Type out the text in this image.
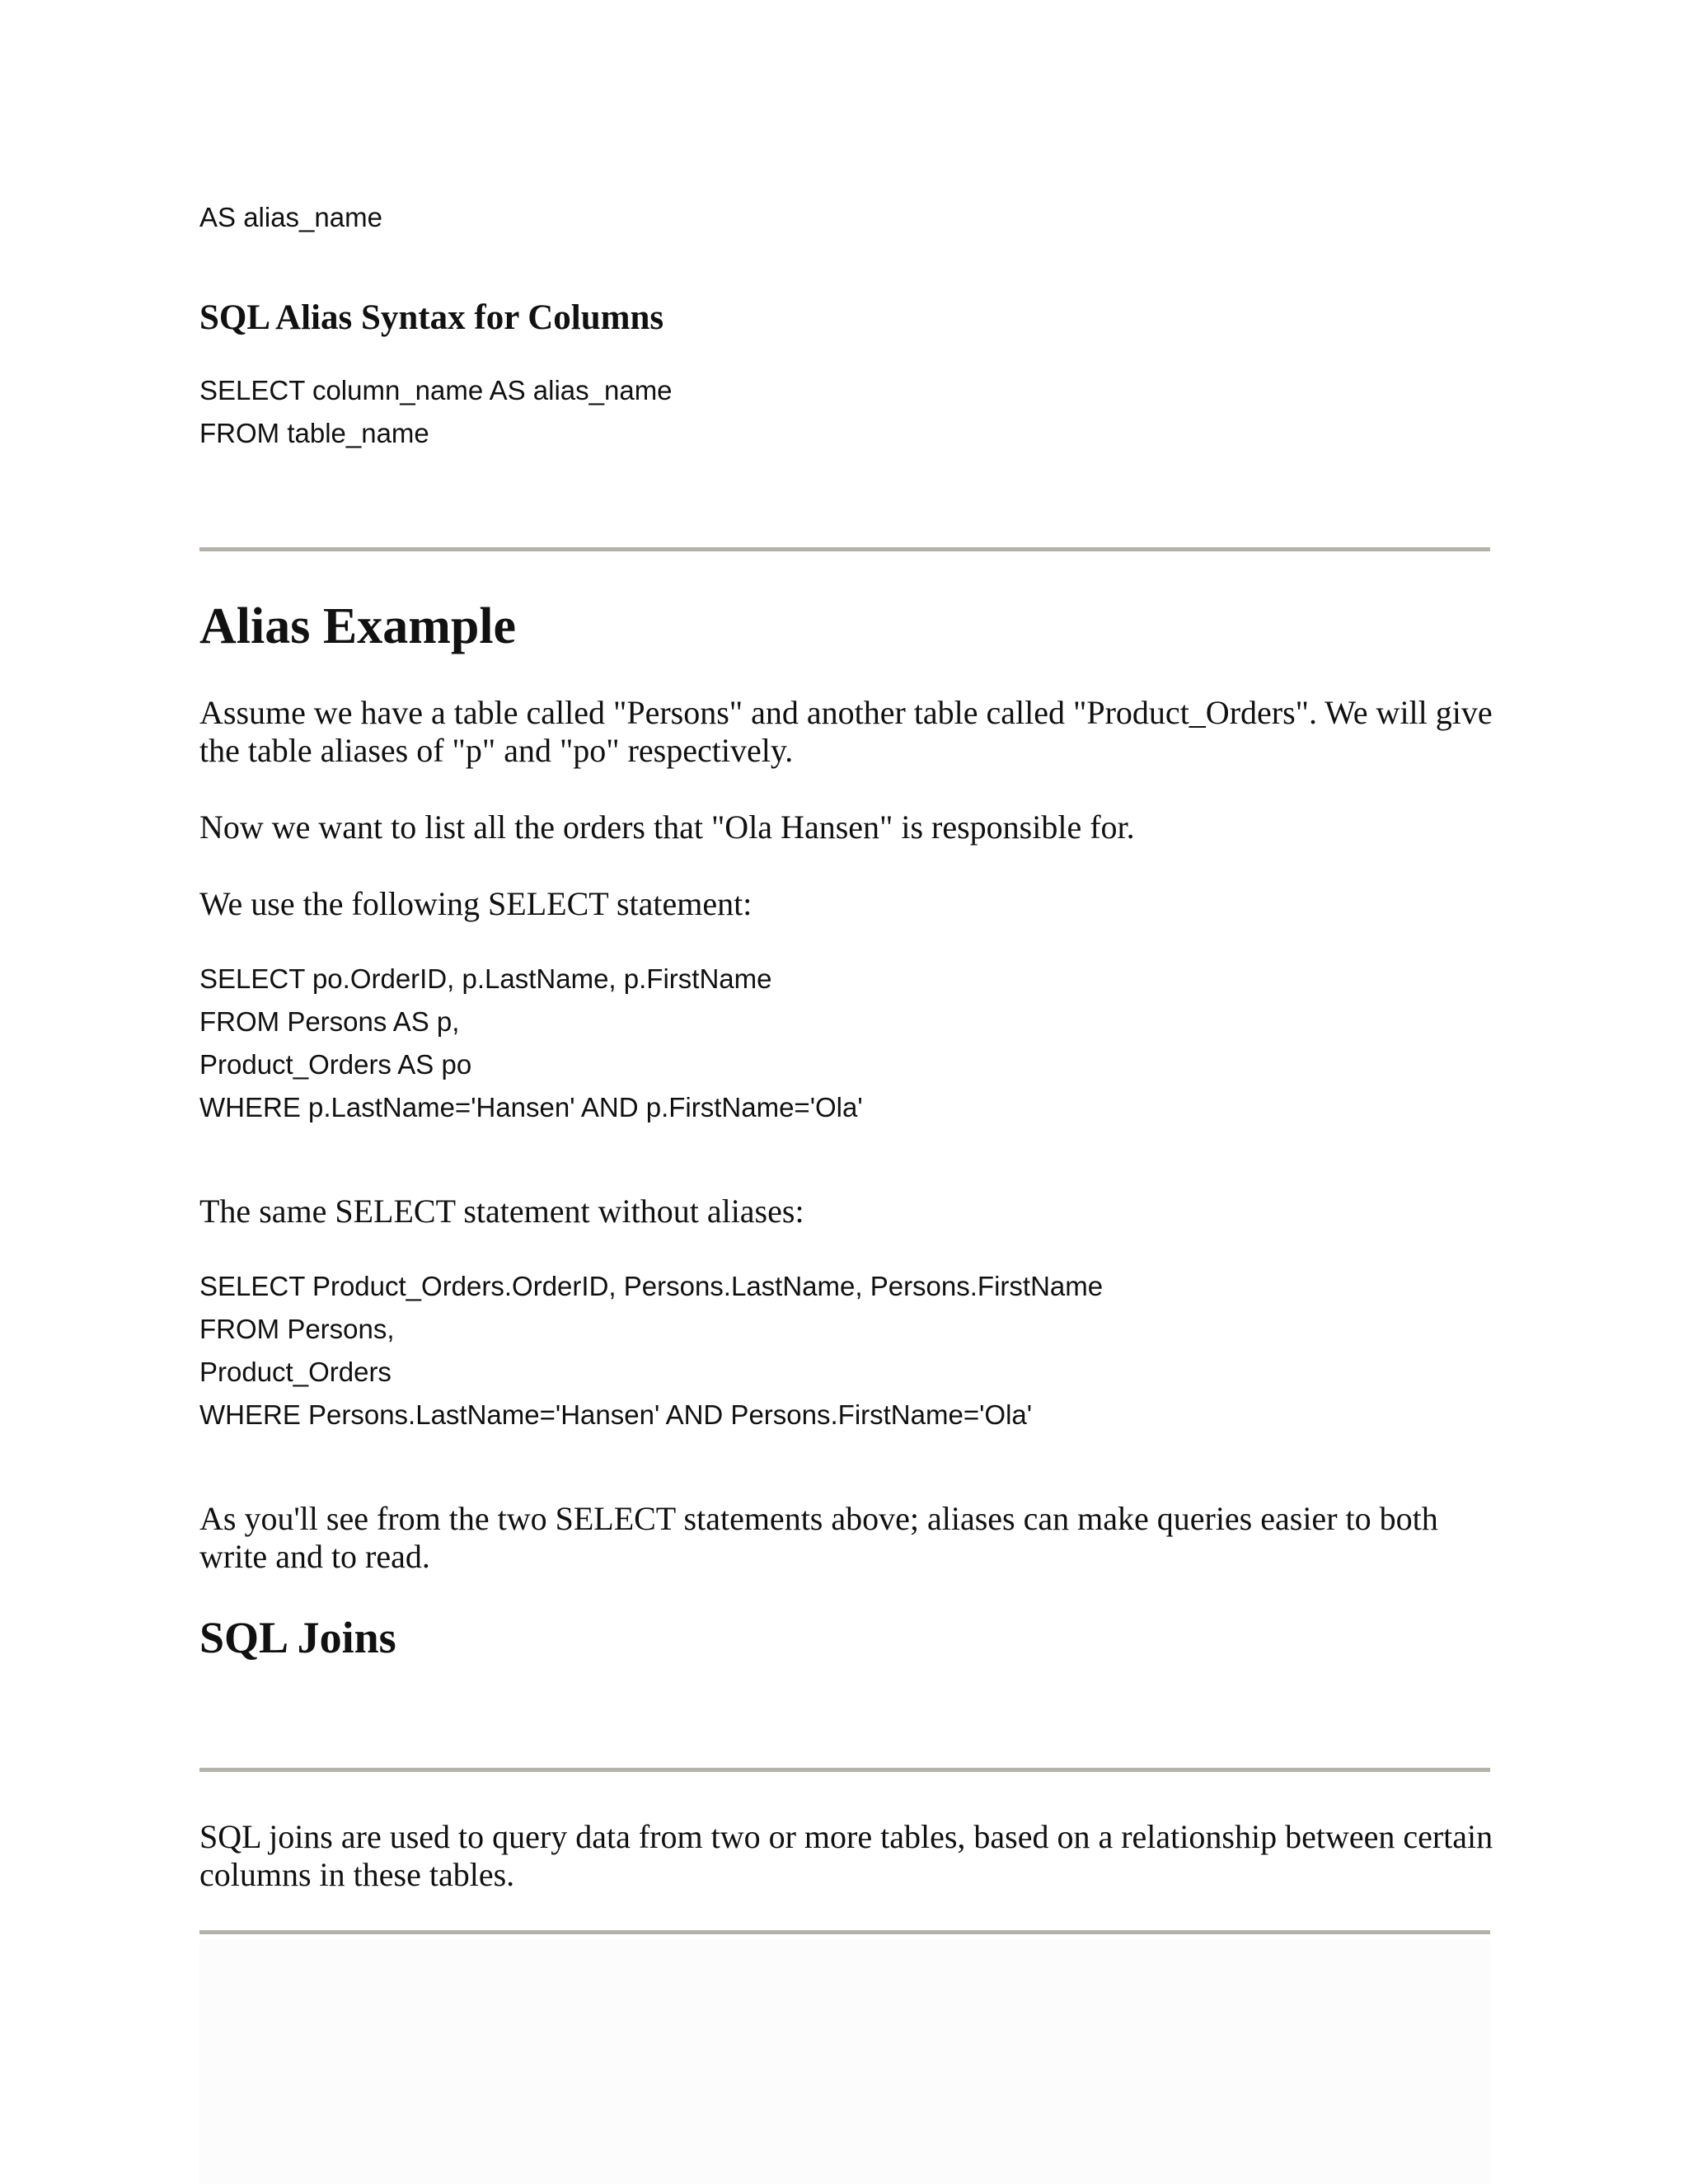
AS alias_name
SQL Alias Syntax for Columns
SELECT column_name AS alias_name
FROM table_name
Alias Example

Assume we have a table called "Persons" and another table called "Product_Orders". We will give the table aliases of "p" and "po" respectively.

Now we want to list all the orders that "Ola Hansen" is responsible for.

We use the following SELECT statement:

SELECT po.OrderID, p.LastName, p.FirstName
FROM Persons AS p,
Product_Orders AS po
WHERE p.LastName='Hansen' AND p.FirstName='Ola'

The same SELECT statement without aliases:

SELECT Product_Orders.OrderID, Persons.LastName, Persons.FirstName
FROM Persons,
Product_Orders
WHERE Persons.LastName='Hansen' AND Persons.FirstName='Ola'

As you'll see from the two SELECT statements above; aliases can make queries easier to both write and to read.

SQL Joins

SQL joins are used to query data from two or more tables, based on a relationship between certain columns in these tables.
